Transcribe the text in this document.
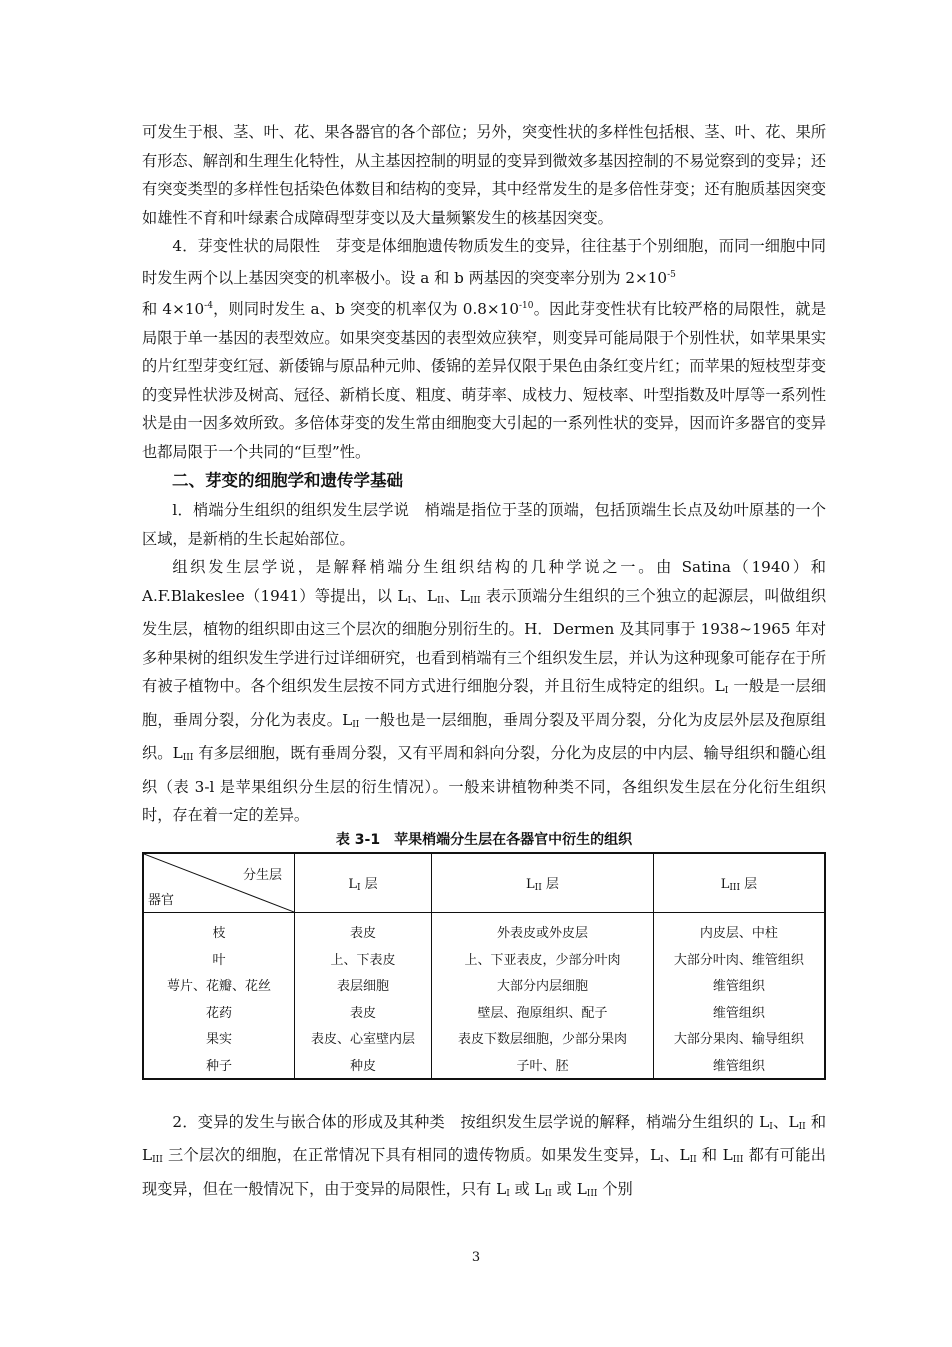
可发生于根、茎、叶、花、果各器官的各个部位；另外，突变性状的多样性包括根、茎、叶、花、果所有形态、解剖和生理生化特性，从主基因控制的明显的变异到微效多基因控制的不易觉察到的变异；还有突变类型的多样性包括染色体数目和结构的变异，其中经常发生的是多倍性芽变；还有胞质基因突变如雄性不育和叶绿素合成障碍型芽变以及大量频繁发生的核基因突变。

4．芽变性状的局限性　芽变是体细胞遗传物质发生的变异，往往基于个别细胞，而同一细胞中同时发生两个以上基因突变的机率极小。设 a 和 b 两基因的突变率分别为 $2\times 10^{-5}$
和 $4\times 10^{-4}$，则同时发生 a、b 突变的机率仅为 $0.8\times 10^{-10}$。因此芽变性状有比较严格的局限性，就是局限于单一基因的表型效应。如果突变基因的表型效应狭窄，则变异可能局限于个别性状，如苹果果实的片红型芽变红冠、新倭锦与原品种元帅、倭锦的差异仅限于果色由条红变片红；而苹果的短枝型芽变的变异性状涉及树高、冠径、新梢长度、粗度、萌芽率、成枝力、短枝率、叶型指数及叶厚等一系列性状是由一因多效所致。多倍体芽变的发生常由细胞变大引起的一系列性状的变异，因而许多器官的变异也都局限于一个共同的“巨型”性。

二、芽变的细胞学和遗传学基础

l．梢端分生组织的组织发生层学说　梢端是指位于茎的顶端，包括顶端生长点及幼叶原基的一个区域，是新梢的生长起始部位。

组织发生层学说，是解释梢端分生组织结构的几种学说之一。由 Satina（1940）和 A.F.Blakeslee（1941）等提出，以 $L_I$、$L_{II}$、$L_{III}$ 表示顶端分生组织的三个独立的起源层，叫做组织发生层，植物的组织即由这三个层次的细胞分别衍生的。H．Dermen 及其同事于 1938~1965 年对多种果树的组织发生学进行过详细研究，也看到梢端有三个组织发生层，并认为这种现象可能存在于所有被子植物中。各个组织发生层按不同方式进行细胞分裂，并且衍生成特定的组织。$L_I$ 一般是一层细胞，垂周分裂，分化为表皮。$L_{II}$ 一般也是一层细胞，垂周分裂及平周分裂，分化为皮层外层及孢原组织。$L_{III}$ 有多层细胞，既有垂周分裂，又有平周和斜向分裂，分化为皮层的中内层、输导组织和髓心组织（表 3-l 是苹果组织分生层的衍生情况）。一般来讲植物种类不同，各组织发生层在分化衍生组织时，存在着一定的差异。

表 3-1　苹果梢端分生层在各器官中衍生的组织

分生层
器官	$L_I$ 层	$L_{II}$ 层	$L_{III}$ 层
枝	表皮	外表皮或外皮层	内皮层、中柱
叶	上、下表皮	上、下亚表皮，少部分叶肉	大部分叶肉、维管组织
萼片、花瓣、花丝	表层细胞	大部分内层细胞	维管组织
花药	表皮	壁层、孢原组织、配子	维管组织
果实	表皮、心室壁内层	表皮下数层细胞，少部分果肉	大部分果肉、输导组织
种子	种皮	子叶、胚	维管组织

2．变异的发生与嵌合体的形成及其种类　按组织发生层学说的解释，梢端分生组织的 $L_I$、$L_{II}$ 和 $L_{III}$ 三个层次的细胞，在正常情况下具有相同的遗传物质。如果发生变异，$L_I$、$L_{II}$ 和 $L_{III}$ 都有可能出现变异，但在一般情况下，由于变异的局限性，只有 $L_I$ 或 $L_{II}$ 或 $L_{III}$ 个别

3
